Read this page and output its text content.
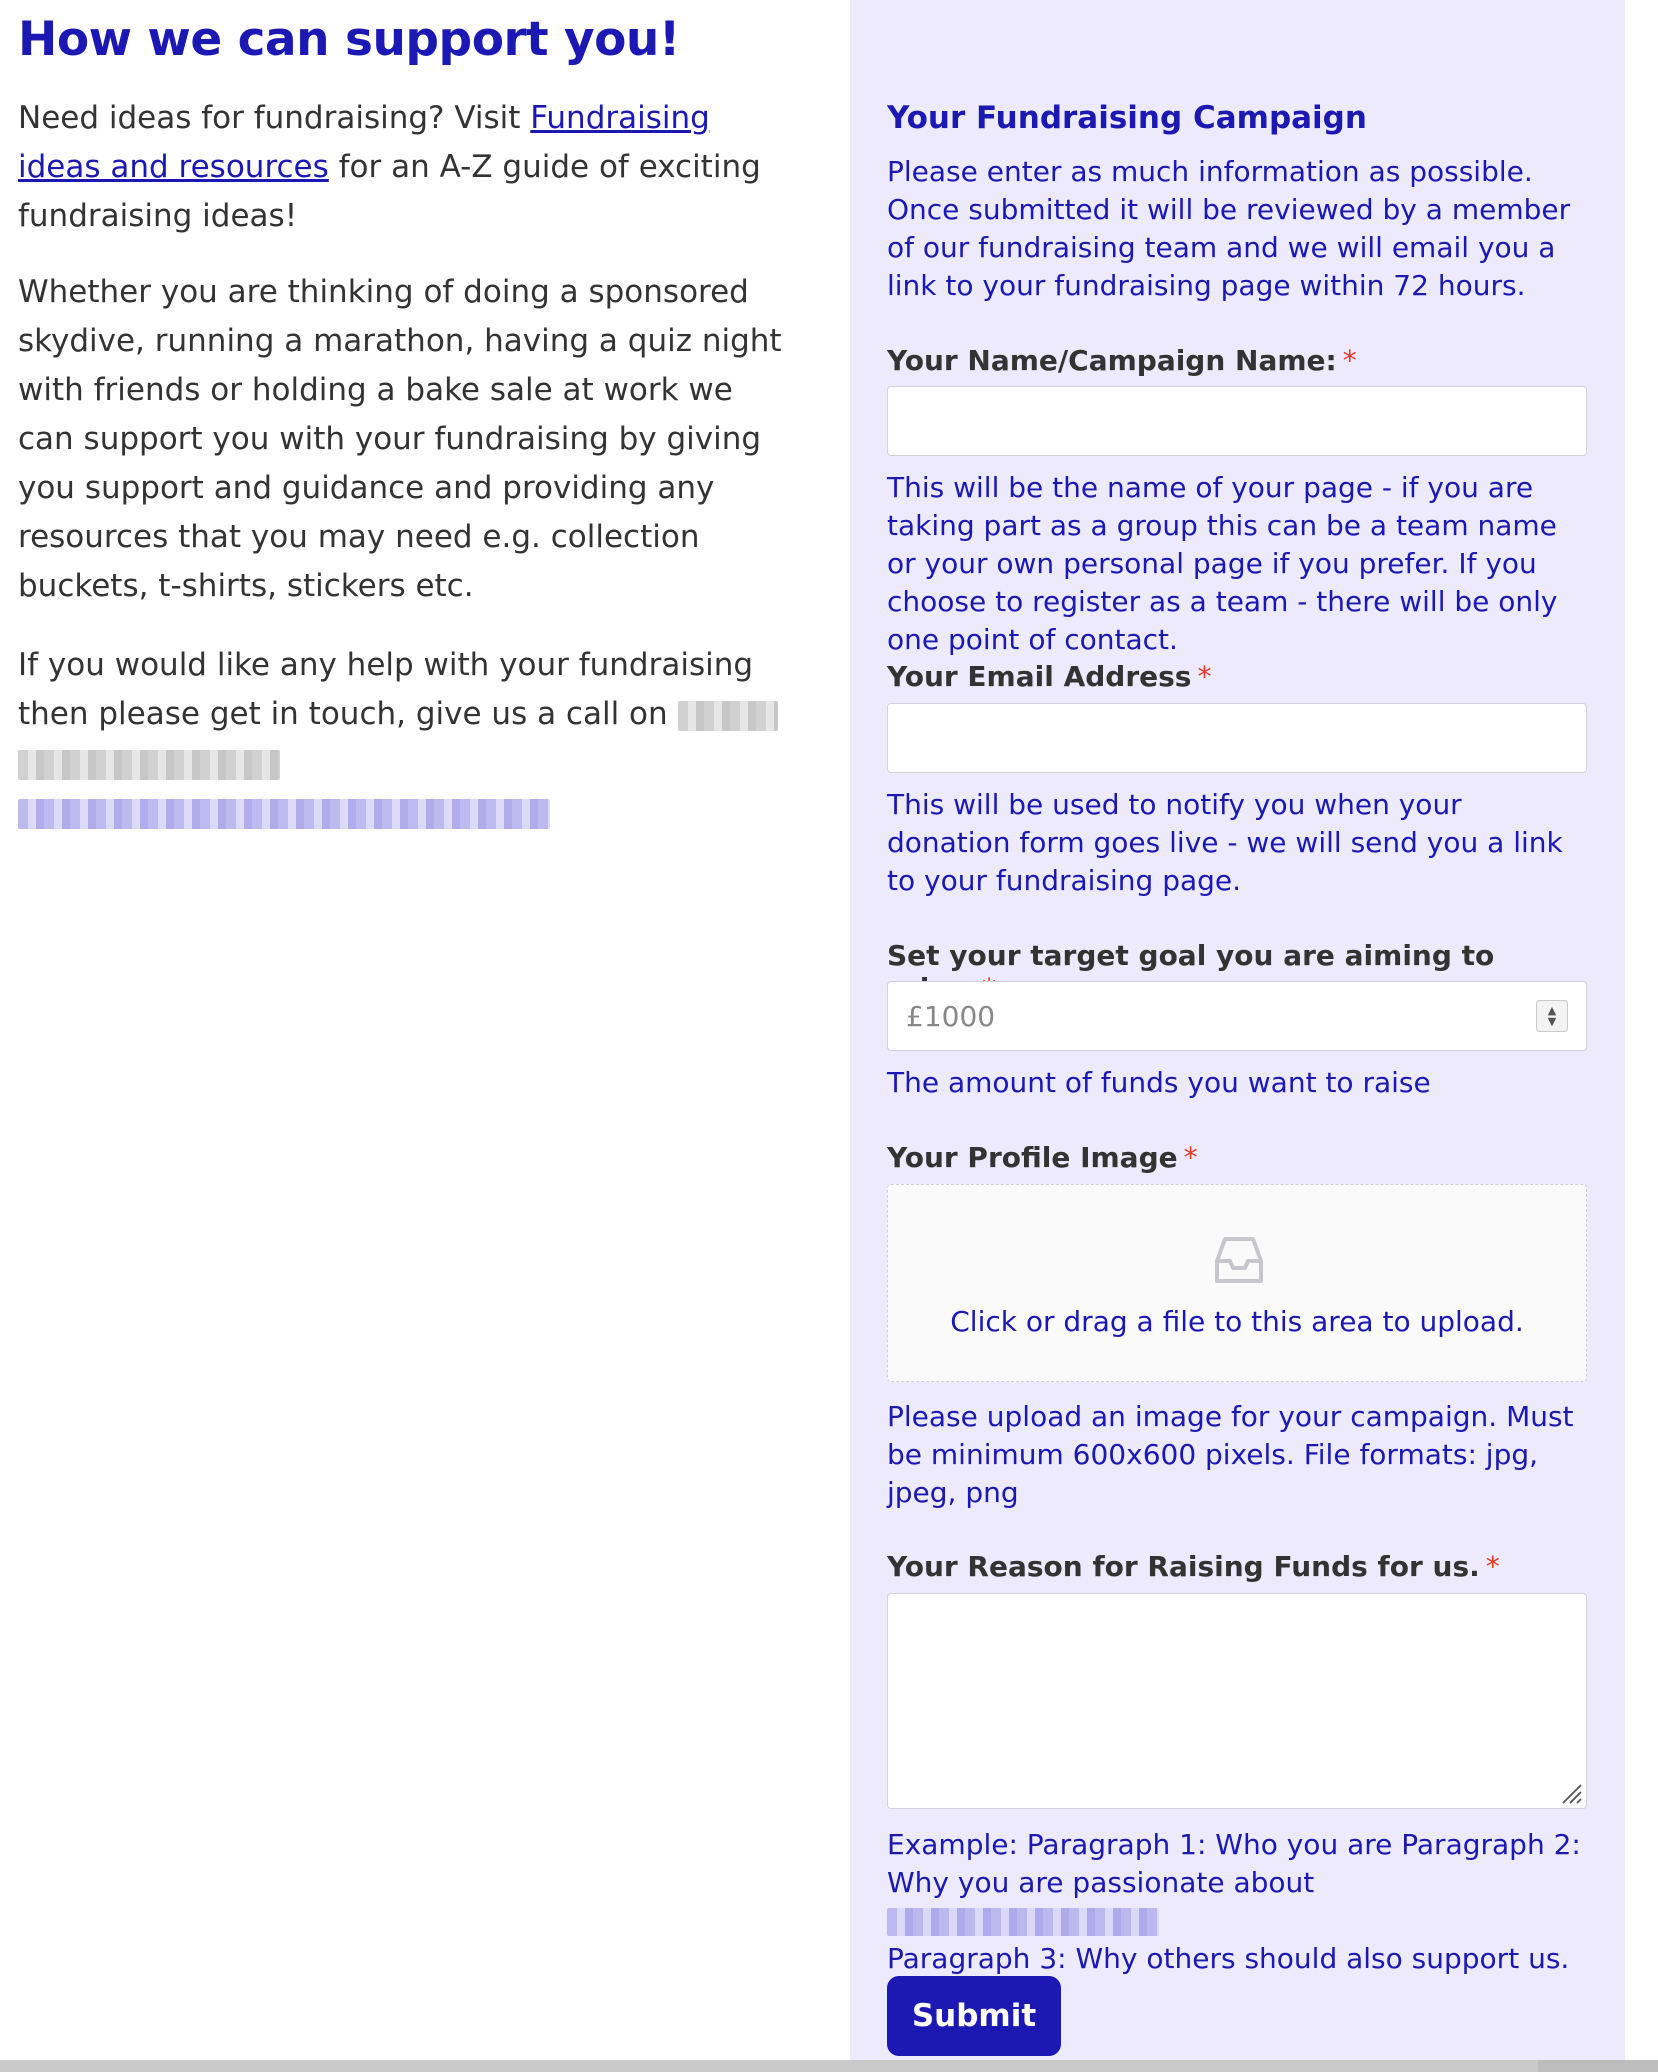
How we can support you!

Need ideas for fundraising? Visit Fundraising ideas and resources for an A-Z guide of exciting fundraising ideas!

Whether you are thinking of doing a sponsored skydive, running a marathon, having a quiz night with friends or holding a bake sale at work we can support you with your fundraising by giving you support and guidance and providing any resources that you may need e.g. collection buckets, t-shirts, stickers etc.

If you would like any help with your fundraising then please get in touch, give us a call on

Your Fundraising Campaign

Please enter as much information as possible. Once submitted it will be reviewed by a member of our fundraising team and we will email you a link to your fundraising page within 72 hours.

Your Name/Campaign Name: *

This will be the name of your page - if you are taking part as a group this can be a team name or your own personal page if you prefer. If you choose to register as a team - there will be only one point of contact.

Your Email Address *

This will be used to notify you when your donation form goes live - we will send you a link to your fundraising page.

Set your target goal you are aiming to

£1000	▲
▼

The amount of funds you want to raise

Your Profile Image *

Click or drag a file to this area to upload.

Please upload an image for your campaign. Must be minimum 600x600 pixels. File formats: jpg, jpeg, png

Your Reason for Raising Funds for us. *

Example: Paragraph 1: Who you are Paragraph 2: Why you are passionate about
Paragraph 3: Why others should also support us.

Submit
